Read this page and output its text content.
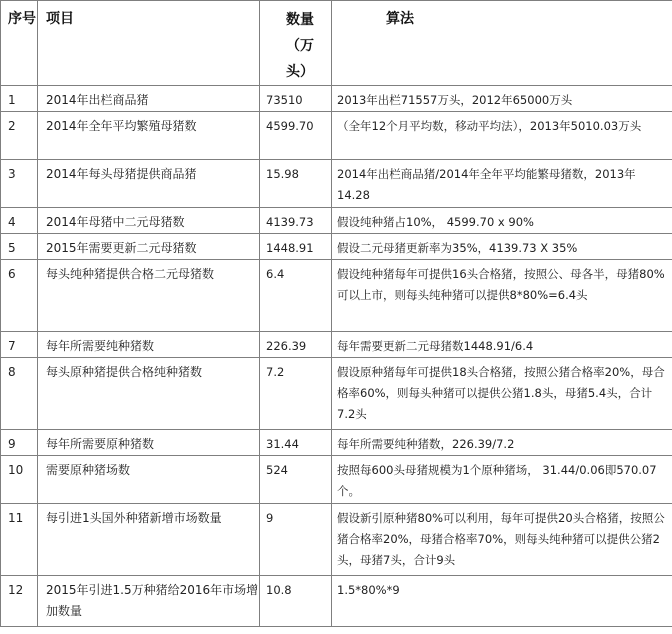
序号	项目	数量（万头）	算法
1	2014年出栏商品猪	73510	2013年出栏71557万头，2012年65000万头
2	2014年全年平均繁殖母猪数	4599.70	（全年12个月平均数，移动平均法），2013年5010.03万头
3	2014年每头母猪提供商品猪	15.98	2014年出栏商品猪/2014年全年平均能繁母猪数，2013年14.28
4	2014年母猪中二元母猪数	4139.73	假设纯种猪占10%， 4599.70 x 90%
5	2015年需要更新二元母猪数	1448.91	假设二元母猪更新率为35%，4139.73 X 35%
6	每头纯种猪提供合格二元母猪数	6.4	假设纯种猪每年可提供16头合格猪，按照公、母各半，母猪80%可以上市，则每头纯种猪可以提供8*80%=6.4头
7	每年所需要纯种猪数	226.39	每年需要更新二元母猪数1448.91/6.4
8	每头原种猪提供合格纯种猪数	7.2	假设原种猪每年可提供18头合格猪，按照公猪合格率20%，母合格率60%，则每头种猪可以提供公猪1.8头，母猪5.4头，合计7.2头
9	每年所需要原种猪数	31.44	每年所需要纯种猪数，226.39/7.2
10	需要原种猪场数	524	按照每600头母猪规模为1个原种猪场， 31.44/0.06即570.07个。
11	每引进1头国外种猪新增市场数量	9	假设新引原种猪80%可以利用，每年可提供20头合格猪，按照公猪合格率20%，母猪合格率70%，则每头纯种猪可以提供公猪2头，母猪7头，合计9头
12	2015年引进1.5万种猪给2016年市场增加数量	10.8	1.5*80%*9
